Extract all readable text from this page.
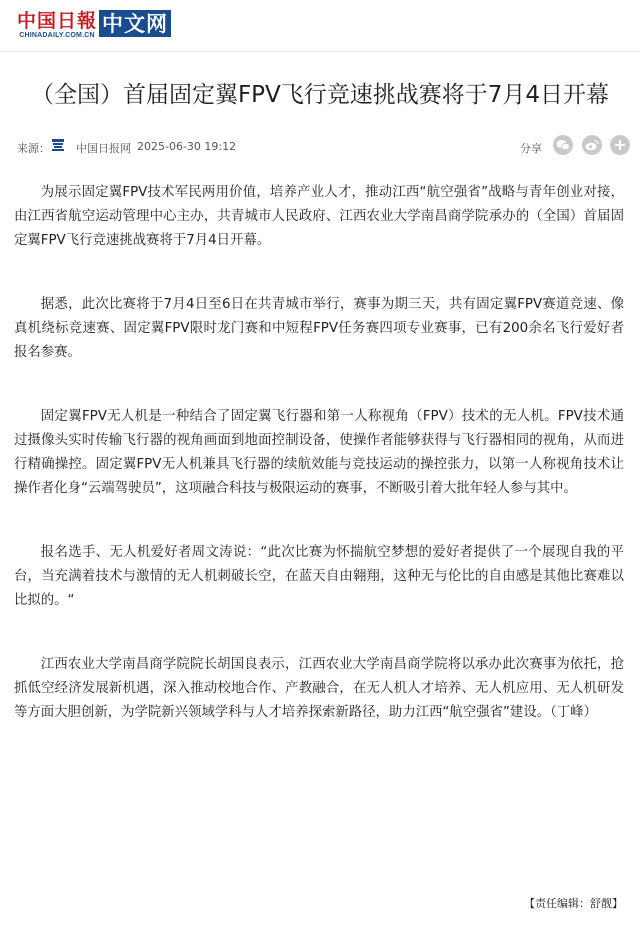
中国日報
CHINADAILY.COM.CN 中文网
（全国）首届固定翼FPV飞行竞速挑战赛将于7月4日开幕
来源： 中国日报网 2025-06-30 19:12	分享

为展示固定翼FPV技术军民两用价值，培养产业人才，推动江西“航空强省”战略与青年创业对接，由江西省航空运动管理中心主办，共青城市人民政府、江西农业大学南昌商学院承办的（全国）首届固定翼FPV飞行竞速挑战赛将于7月4日开幕。

据悉，此次比赛将于7月4日至6日在共青城市举行，赛事为期三天，共有固定翼FPV赛道竞速、像真机绕标竞速赛、固定翼FPV限时龙门赛和中短程FPV任务赛四项专业赛事，已有200余名飞行爱好者报名参赛。

固定翼FPV无人机是一种结合了固定翼飞行器和第一人称视角（FPV）技术的无人机。FPV技术通过摄像头实时传输飞行器的视角画面到地面控制设备，使操作者能够获得与飞行器相同的视角，从而进行精确操控。固定翼FPV无人机兼具飞行器的续航效能与竞技运动的操控张力，以第一人称视角技术让操作者化身“云端驾驶员”，这项融合科技与极限运动的赛事，不断吸引着大批年轻人参与其中。

报名选手、无人机爱好者周文涛说：“此次比赛为怀揣航空梦想的爱好者提供了一个展现自我的平台，当充满着技术与激情的无人机刺破长空，在蓝天自由翱翔，这种无与伦比的自由感是其他比赛难以比拟的。“

江西农业大学南昌商学院院长胡国良表示，江西农业大学南昌商学院将以承办此次赛事为依托，抢抓低空经济发展新机遇，深入推动校地合作、产教融合，在无人机人才培养、无人机应用、无人机研发等方面大胆创新，为学院新兴领域学科与人才培养探索新路径，助力江西“航空强省”建设。（丁峰）

【责任编辑：舒靓】
